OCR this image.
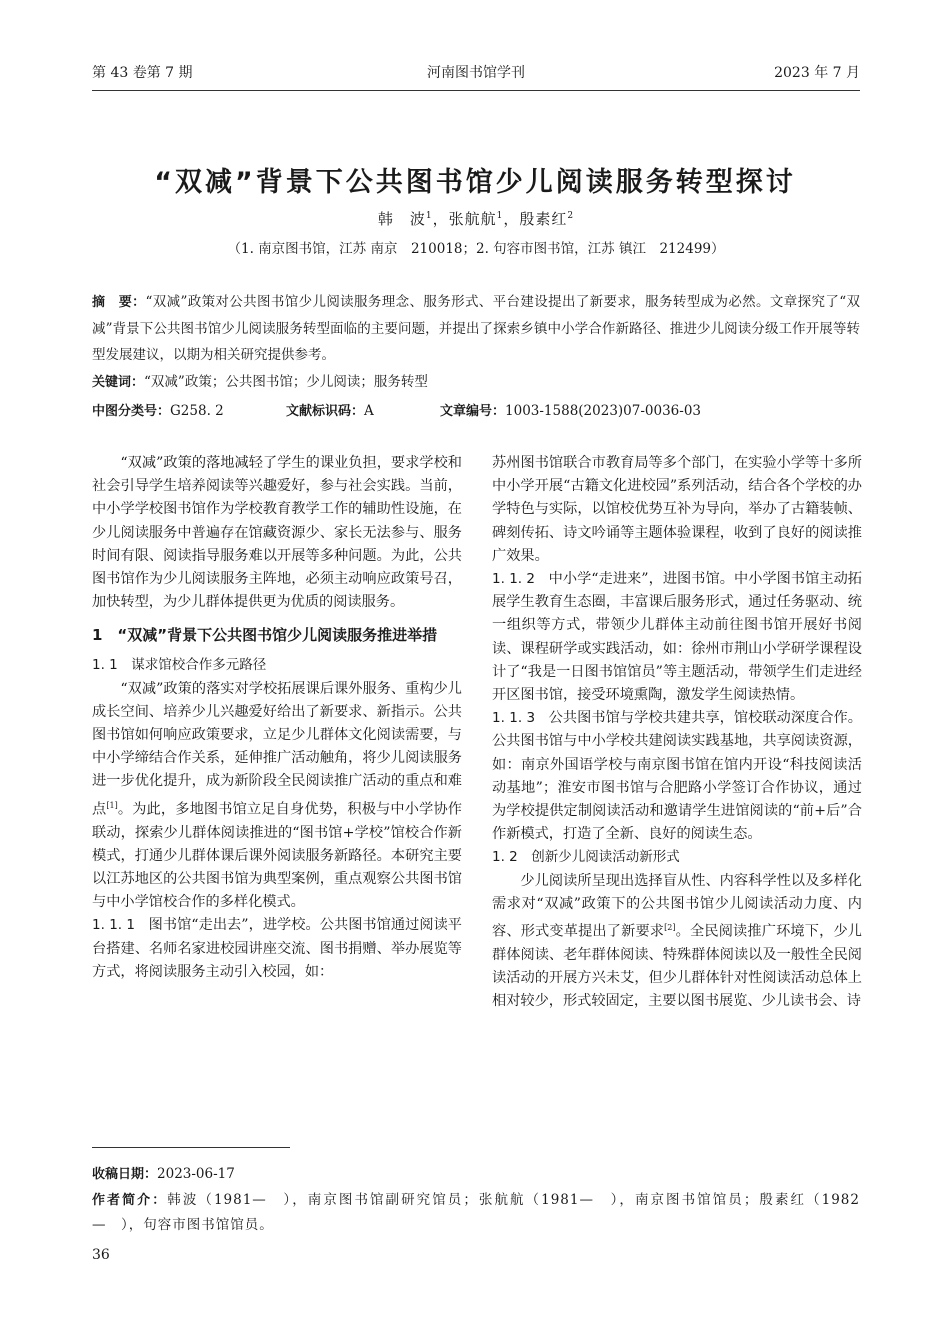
河南图书馆学刊
第 43 卷第 7 期	2023 年 7 月
“双减”背景下公共图书馆少儿阅读服务转型探讨
韩　波$^1$，张航航$^1$，殷素红$^2$
（1. 南京图书馆，江苏 南京　210018；2. 句容市图书馆，江苏 镇江　212499）
摘　要：“双减”政策对公共图书馆少儿阅读服务理念、服务形式、平台建设提出了新要求，服务转型成为必然。文章探究了“双减”背景下公共图书馆少儿阅读服务转型面临的主要问题，并提出了探索乡镇中小学合作新路径、推进少儿阅读分级工作开展等转型发展建议，以期为相关研究提供参考。
关键词：“双减”政策；公共图书馆；少儿阅读；服务转型
中图分类号：G258. 2	文献标识码：A	文章编号：1003-1588(2023)07-0036-03

“双减”政策的落地减轻了学生的课业负担，要求学校和社会引导学生培养阅读等兴趣爱好，参与社会实践。当前，中小学学校图书馆作为学校教育教学工作的辅助性设施，在少儿阅读服务中普遍存在馆藏资源少、家长无法参与、服务时间有限、阅读指导服务难以开展等多种问题。为此，公共图书馆作为少儿阅读服务主阵地，必须主动响应政策号召，加快转型，为少儿群体提供更为优质的阅读服务。

1　“双减”背景下公共图书馆少儿阅读服务推进举措

1. 1　谋求馆校合作多元路径

“双减”政策的落实对学校拓展课后课外服务、重构少儿成长空间、培养少儿兴趣爱好给出了新要求、新指示。公共图书馆如何响应政策要求，立足少儿群体文化阅读需要，与中小学缔结合作关系，延伸推广活动触角，将少儿阅读服务进一步优化提升，成为新阶段全民阅读推广活动的重点和难点[1]。为此，多地图书馆立足自身优势，积极与中小学协作联动，探索少儿群体阅读推进的“图书馆+学校”馆校合作新模式，打通少儿群体课后课外阅读服务新路径。本研究主要以江苏地区的公共图书馆为典型案例，重点观察公共图书馆与中小学馆校合作的多样化模式。

1. 1. 1　图书馆“走出去”，进学校。公共图书馆通过阅读平台搭建、名师名家进校园讲座交流、图书捐赠、举办展览等方式，将阅读服务主动引入校园，如：

苏州图书馆联合市教育局等多个部门，在实验小学等十多所中小学开展“古籍文化进校园”系列活动，结合各个学校的办学特色与实际，以馆校优势互补为导向，举办了古籍装帧、碑刻传拓、诗文吟诵等主题体验课程，收到了良好的阅读推广效果。

1. 1. 2　中小学“走进来”，进图书馆。中小学图书馆主动拓展学生教育生态圈，丰富课后服务形式，通过任务驱动、统一组织等方式，带领少儿群体主动前往图书馆开展好书阅读、课程研学或实践活动，如：徐州市荆山小学研学课程设计了“我是一日图书馆馆员”等主题活动，带领学生们走进经开区图书馆，接受环境熏陶，激发学生阅读热情。

1. 1. 3　公共图书馆与学校共建共享，馆校联动深度合作。公共图书馆与中小学校共建阅读实践基地，共享阅读资源，如：南京外国语学校与南京图书馆在馆内开设“科技阅读活动基地”；淮安市图书馆与合肥路小学签订合作协议，通过为学校提供定制阅读活动和邀请学生进馆阅读的“前+后”合作新模式，打造了全新、良好的阅读生态。

1. 2　创新少儿阅读活动新形式

少儿阅读所呈现出选择盲从性、内容科学性以及多样化需求对“双减”政策下的公共图书馆少儿阅读活动力度、内容、形式变革提出了新要求[2]。全民阅读推广环境下，少儿群体阅读、老年群体阅读、特殊群体阅读以及一般性全民阅读活动的开展方兴未艾，但少儿群体针对性阅读活动总体上相对较少，形式较固定，主要以图书展览、少儿读书会、诗

收稿日期：2023-06-17
作者简介：韩波（1981—　），南京图书馆副研究馆员；张航航（1981—　），南京图书馆馆员；殷素红（1982—　），句容市图书馆馆员。
36
